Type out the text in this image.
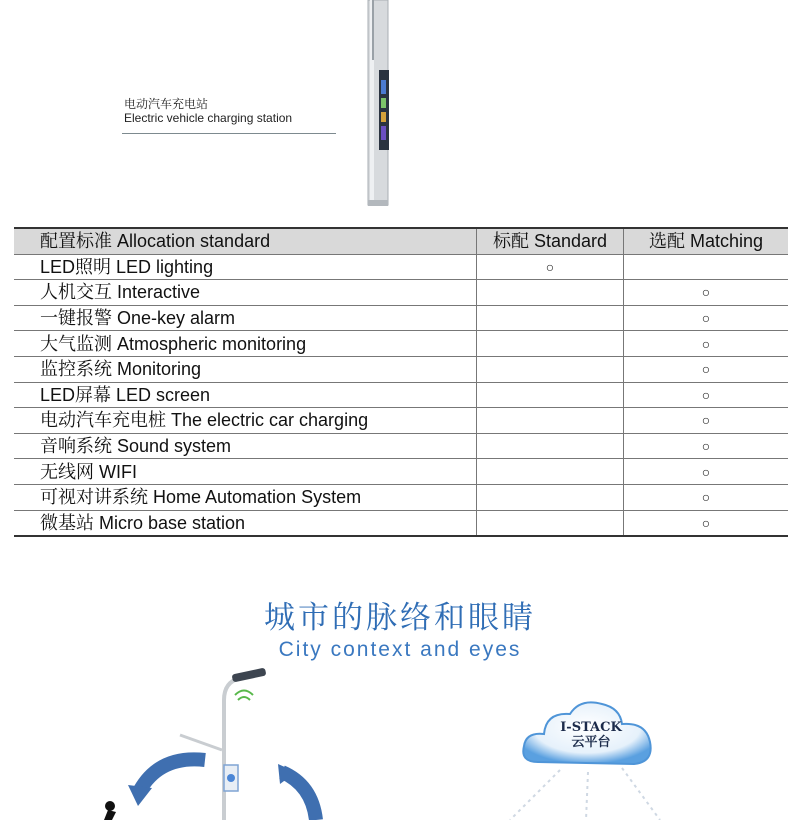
电动汽车充电站
Electric vehicle charging station
配置标准 Allocation standard	标配 Standard	选配 Matching
LED照明 LED lighting	○	
人机交互 Interactive		○
一键报警 One-key alarm		○
大气监测 Atmospheric monitoring		○
监控系统 Monitoring		○
LED屏幕 LED screen		○
电动汽车充电桩 The electric car charging		○
音响系统 Sound system		○
无线网 WIFI		○
可视对讲系统 Home Automation System		○
微基站 Micro base station		○
城市的脉络和眼睛
City context and eyes
I-STACK
云平台
